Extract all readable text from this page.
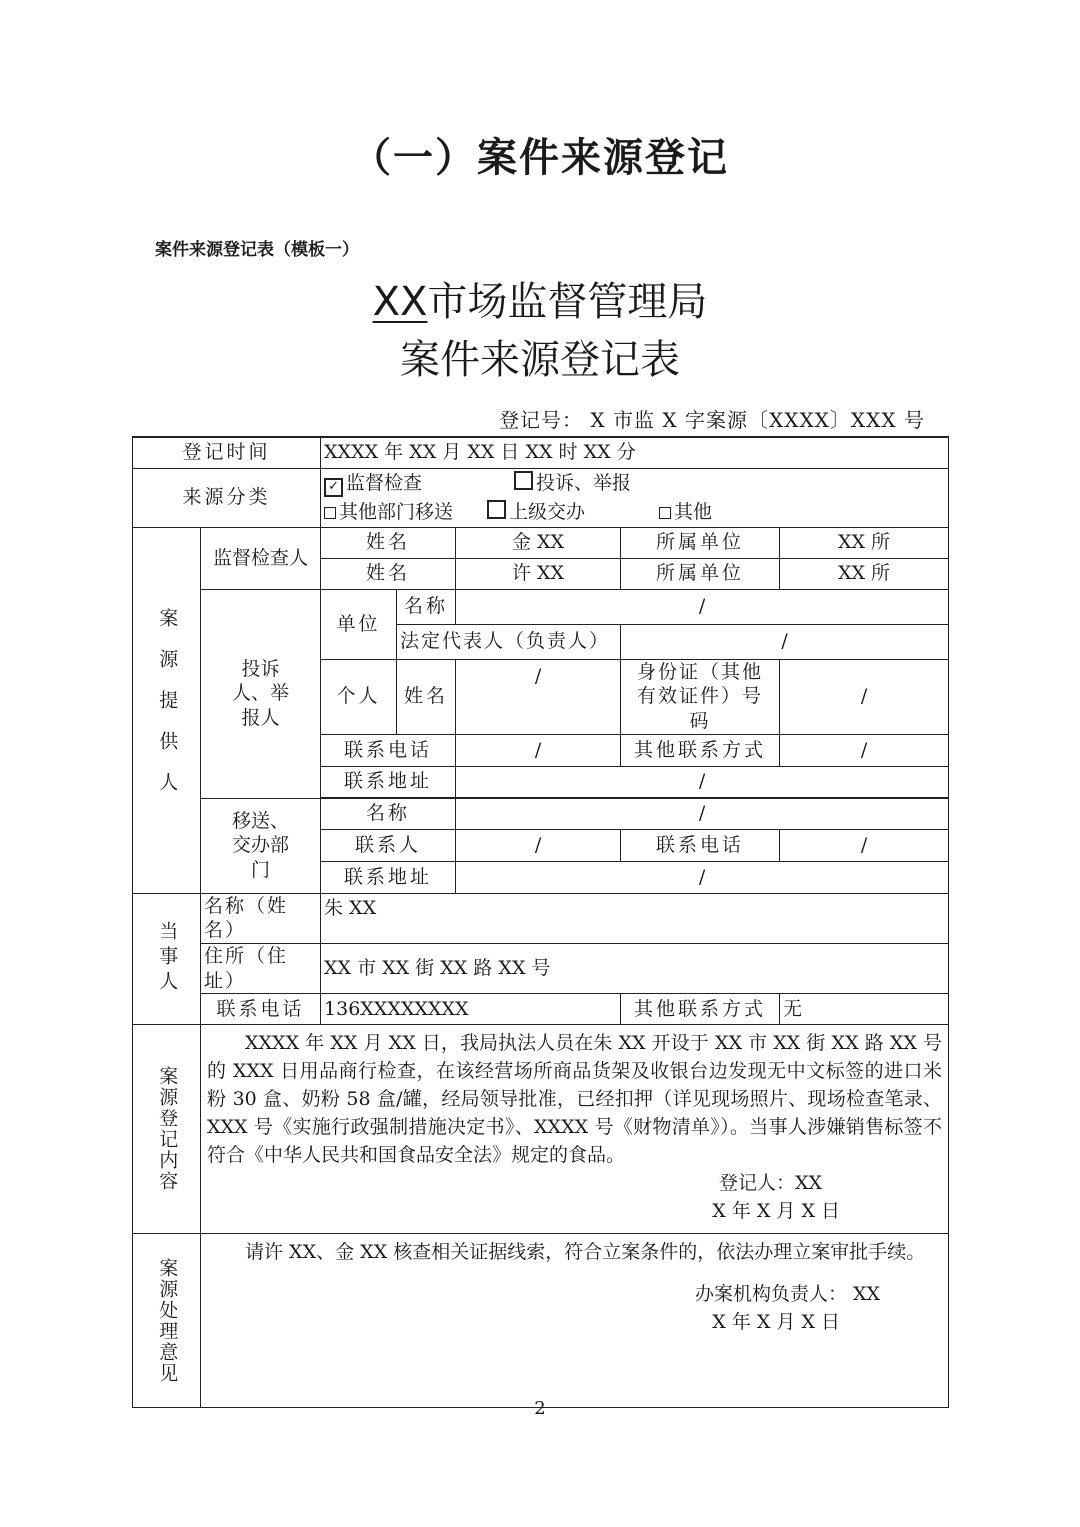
（一）案件来源登记
案件来源登记表（模板一）
XX市场监督管理局
案件来源登记表
登记号： X 市监 X 字案源〔XXXX〕XXX 号
登记时间		XXXX 年 XX 月 XX 日 XX 时 XX 分				
来源分类		✓ 监督检查 投诉、举报
其他部门移送 上级交办 其他				
案源提供人	监督检查人	姓名		金 XX	所属单位	XX 所
		姓名		许 XX	所属单位	XX 所
	投诉人、举报人	单位	名称	/		
			法定代表人（负责人）		/	
		个人	姓名	/	身份证（其他有效证件）号码	/
		联系电话		/	其他联系方式	/
		联系地址		/		

	移送、交办部门	名称		/		
		联系人		/	联系电话	/
		联系地址		/		
当事人	名称（姓名）	朱 XX				
	住所（住址）	XX 市 XX 街 XX 路 XX 号				
	联系电话	136XXXXXXXX			其他联系方式	无
案源登记内容	XXXX 年 XX 月 XX 日，我局执法人员在朱 XX 开设于 XX 市 XX 街 XX 路 XX 号的 XXX 日用品商行检查，在该经营场所商品货架及收银台边发现无中文标签的进口米粉 30 盒、奶粉 58 盒/罐，经局领导批准，已经扣押（详见现场照片、现场检查笔录、XXX 号《实施行政强制措施决定书》、XXXX 号《财物清单》）。当事人涉嫌销售标签不符合《中华人民共和国食品安全法》规定的食品。
登记人：XX
X 年 X 月 X 日					

案源处理意见	请许 XX、金 XX 核查相关证据线索，符合立案条件的，依法办理立案审批手续。
办案机构负责人： XX
X 年 X 月 X 日					
2
